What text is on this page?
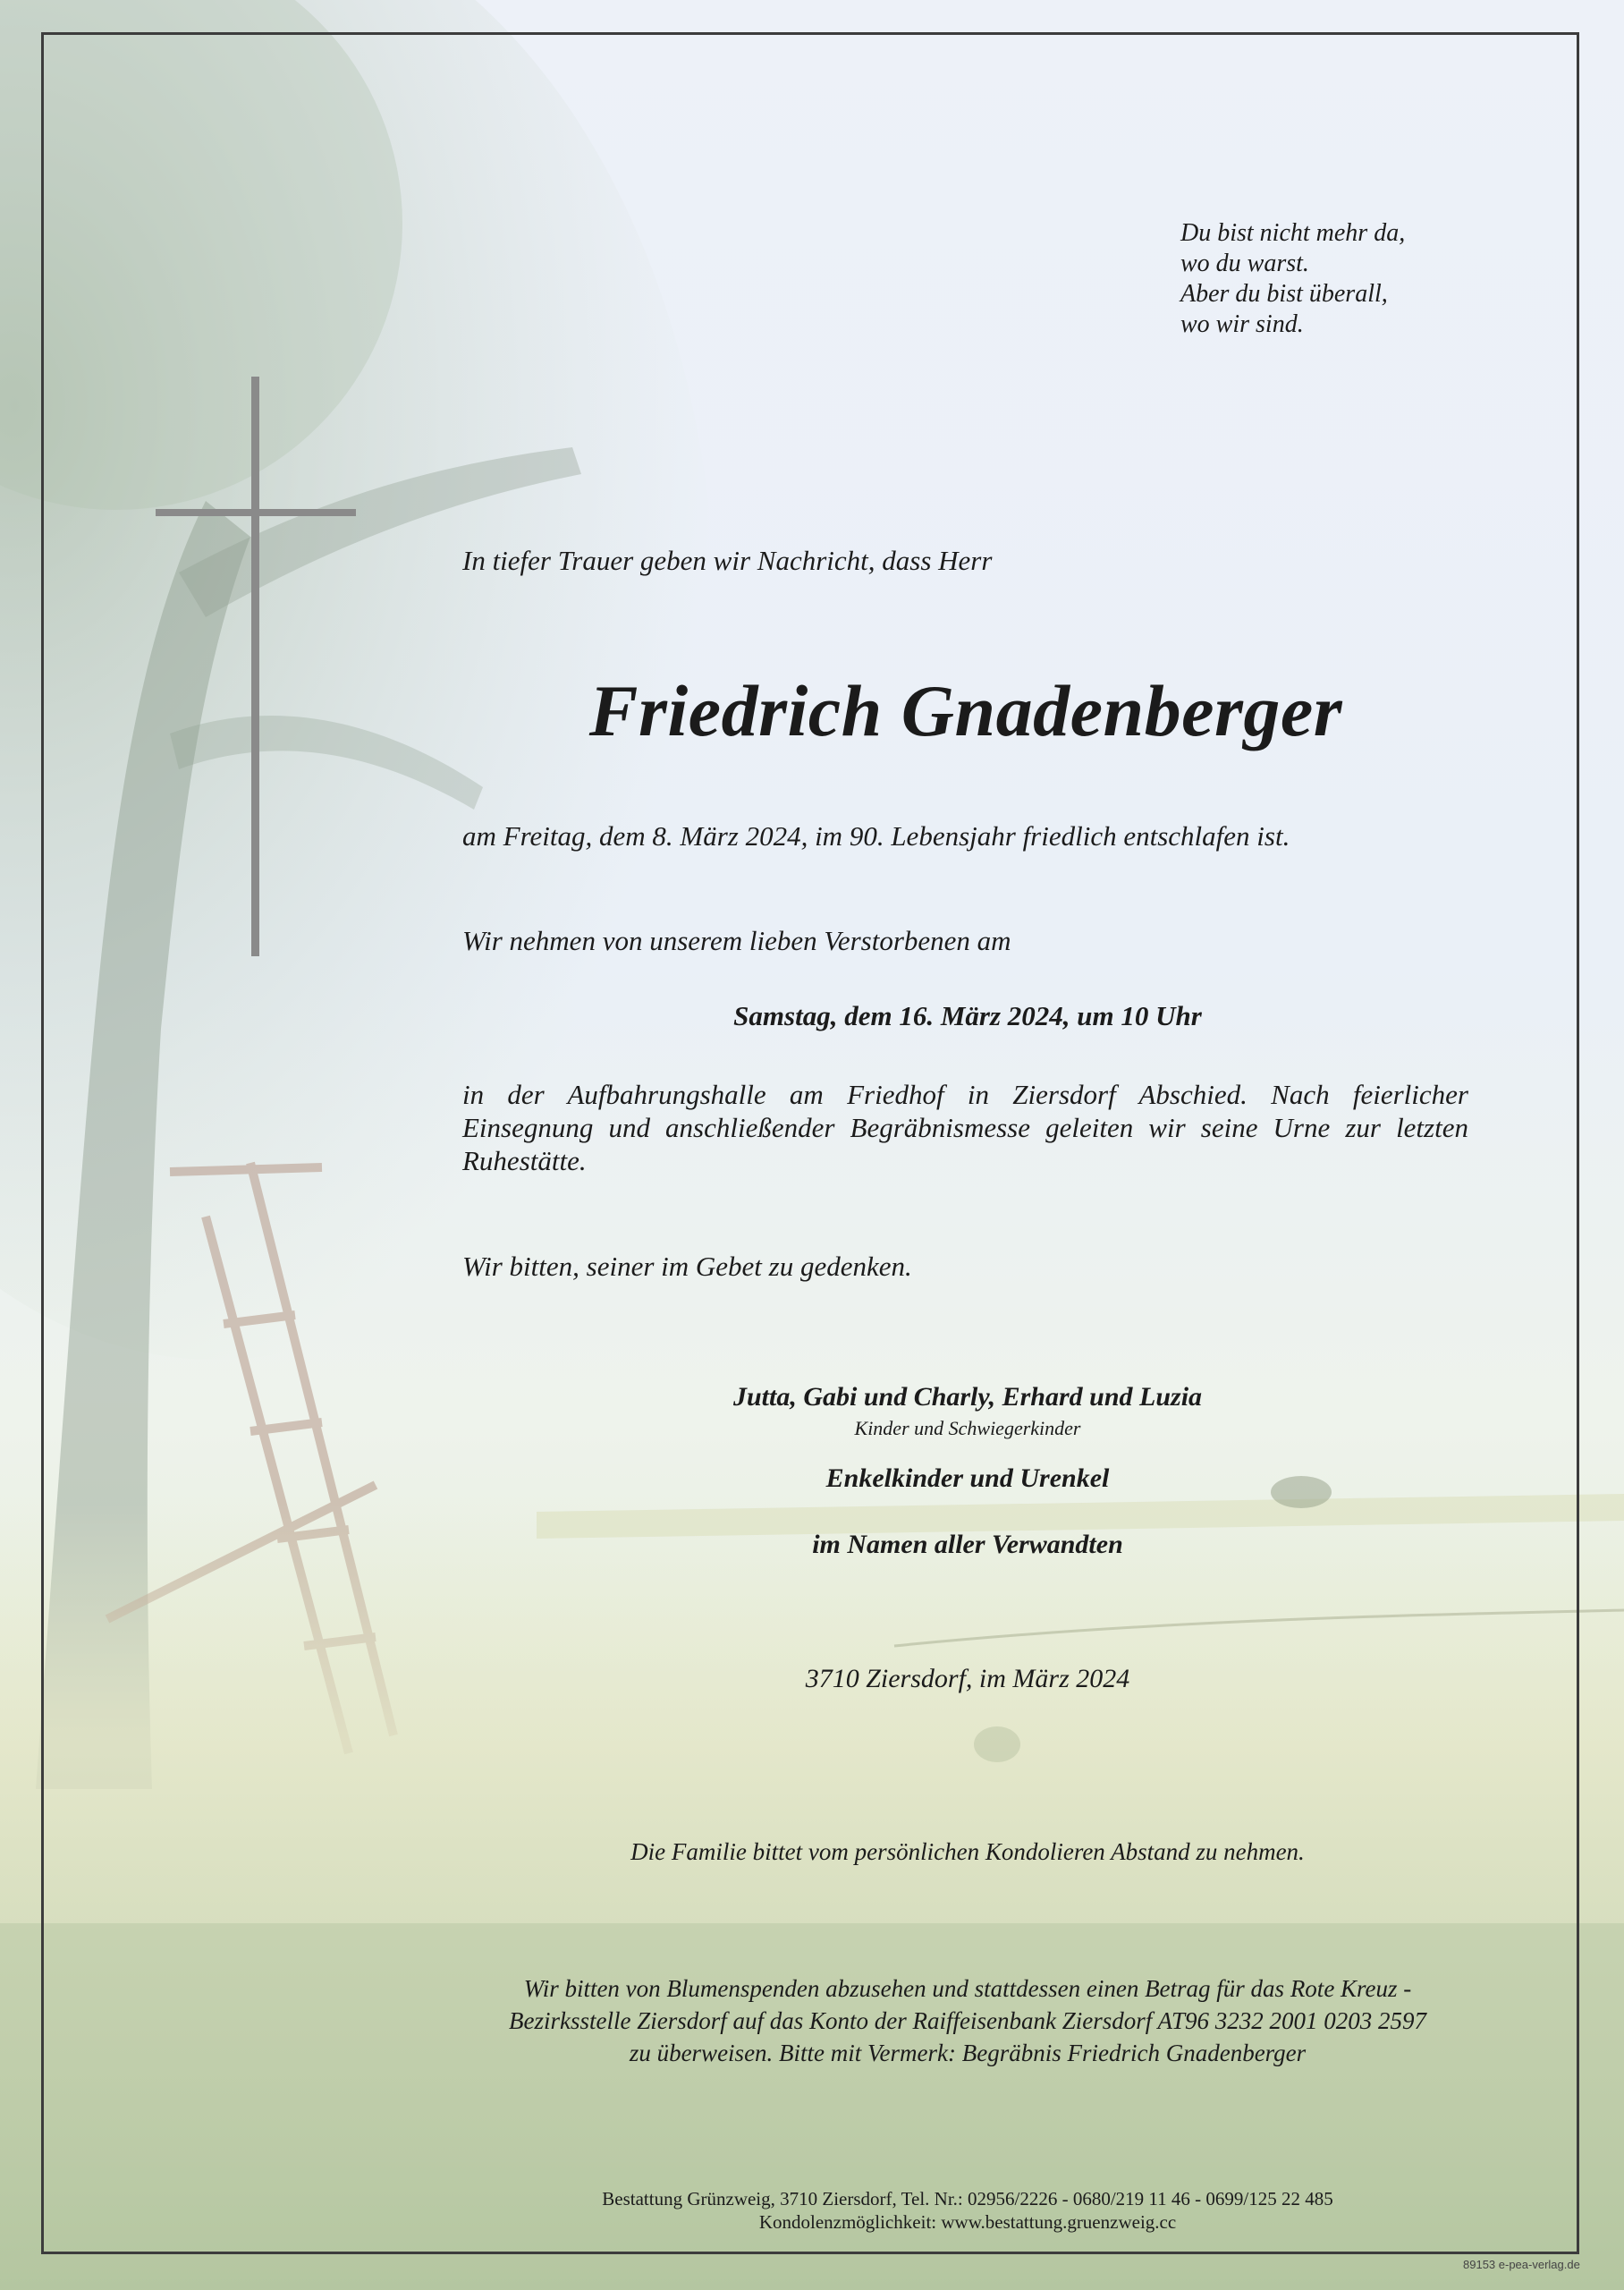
Du bist nicht mehr da,
wo du warst.
Aber du bist überall,
wo wir sind.
In tiefer Trauer geben wir Nachricht, dass Herr
Friedrich Gnadenberger
am Freitag, dem 8. März 2024, im 90. Lebensjahr friedlich entschlafen ist.
Wir nehmen von unserem lieben Verstorbenen am
Samstag, dem 16. März 2024, um 10 Uhr
in der Aufbahrungshalle am Friedhof in Ziersdorf Abschied. Nach feierlicher
Einsegnung und anschließender Begräbnismesse geleiten wir seine Urne zur letzten
Ruhestätte.
Wir bitten, seiner im Gebet zu gedenken.
Jutta, Gabi und Charly, Erhard und Luzia
Kinder und Schwiegerkinder
Enkelkinder und Urenkel
im Namen aller Verwandten
3710 Ziersdorf, im März 2024
Die Familie bittet vom persönlichen Kondolieren Abstand zu nehmen.
Wir bitten von Blumenspenden abzusehen und stattdessen einen Betrag für das Rote Kreuz -
Bezirksstelle Ziersdorf auf das Konto der Raiffeisenbank Ziersdorf AT96 3232 2001 0203 2597
zu überweisen. Bitte mit Vermerk: Begräbnis Friedrich Gnadenberger
Bestattung Grünzweig, 3710 Ziersdorf, Tel. Nr.: 02956/2226 - 0680/219 11 46 - 0699/125 22 485
Kondolenzmöglichkeit: www.bestattung.gruenzweig.cc
89153 e-pea-verlag.de
